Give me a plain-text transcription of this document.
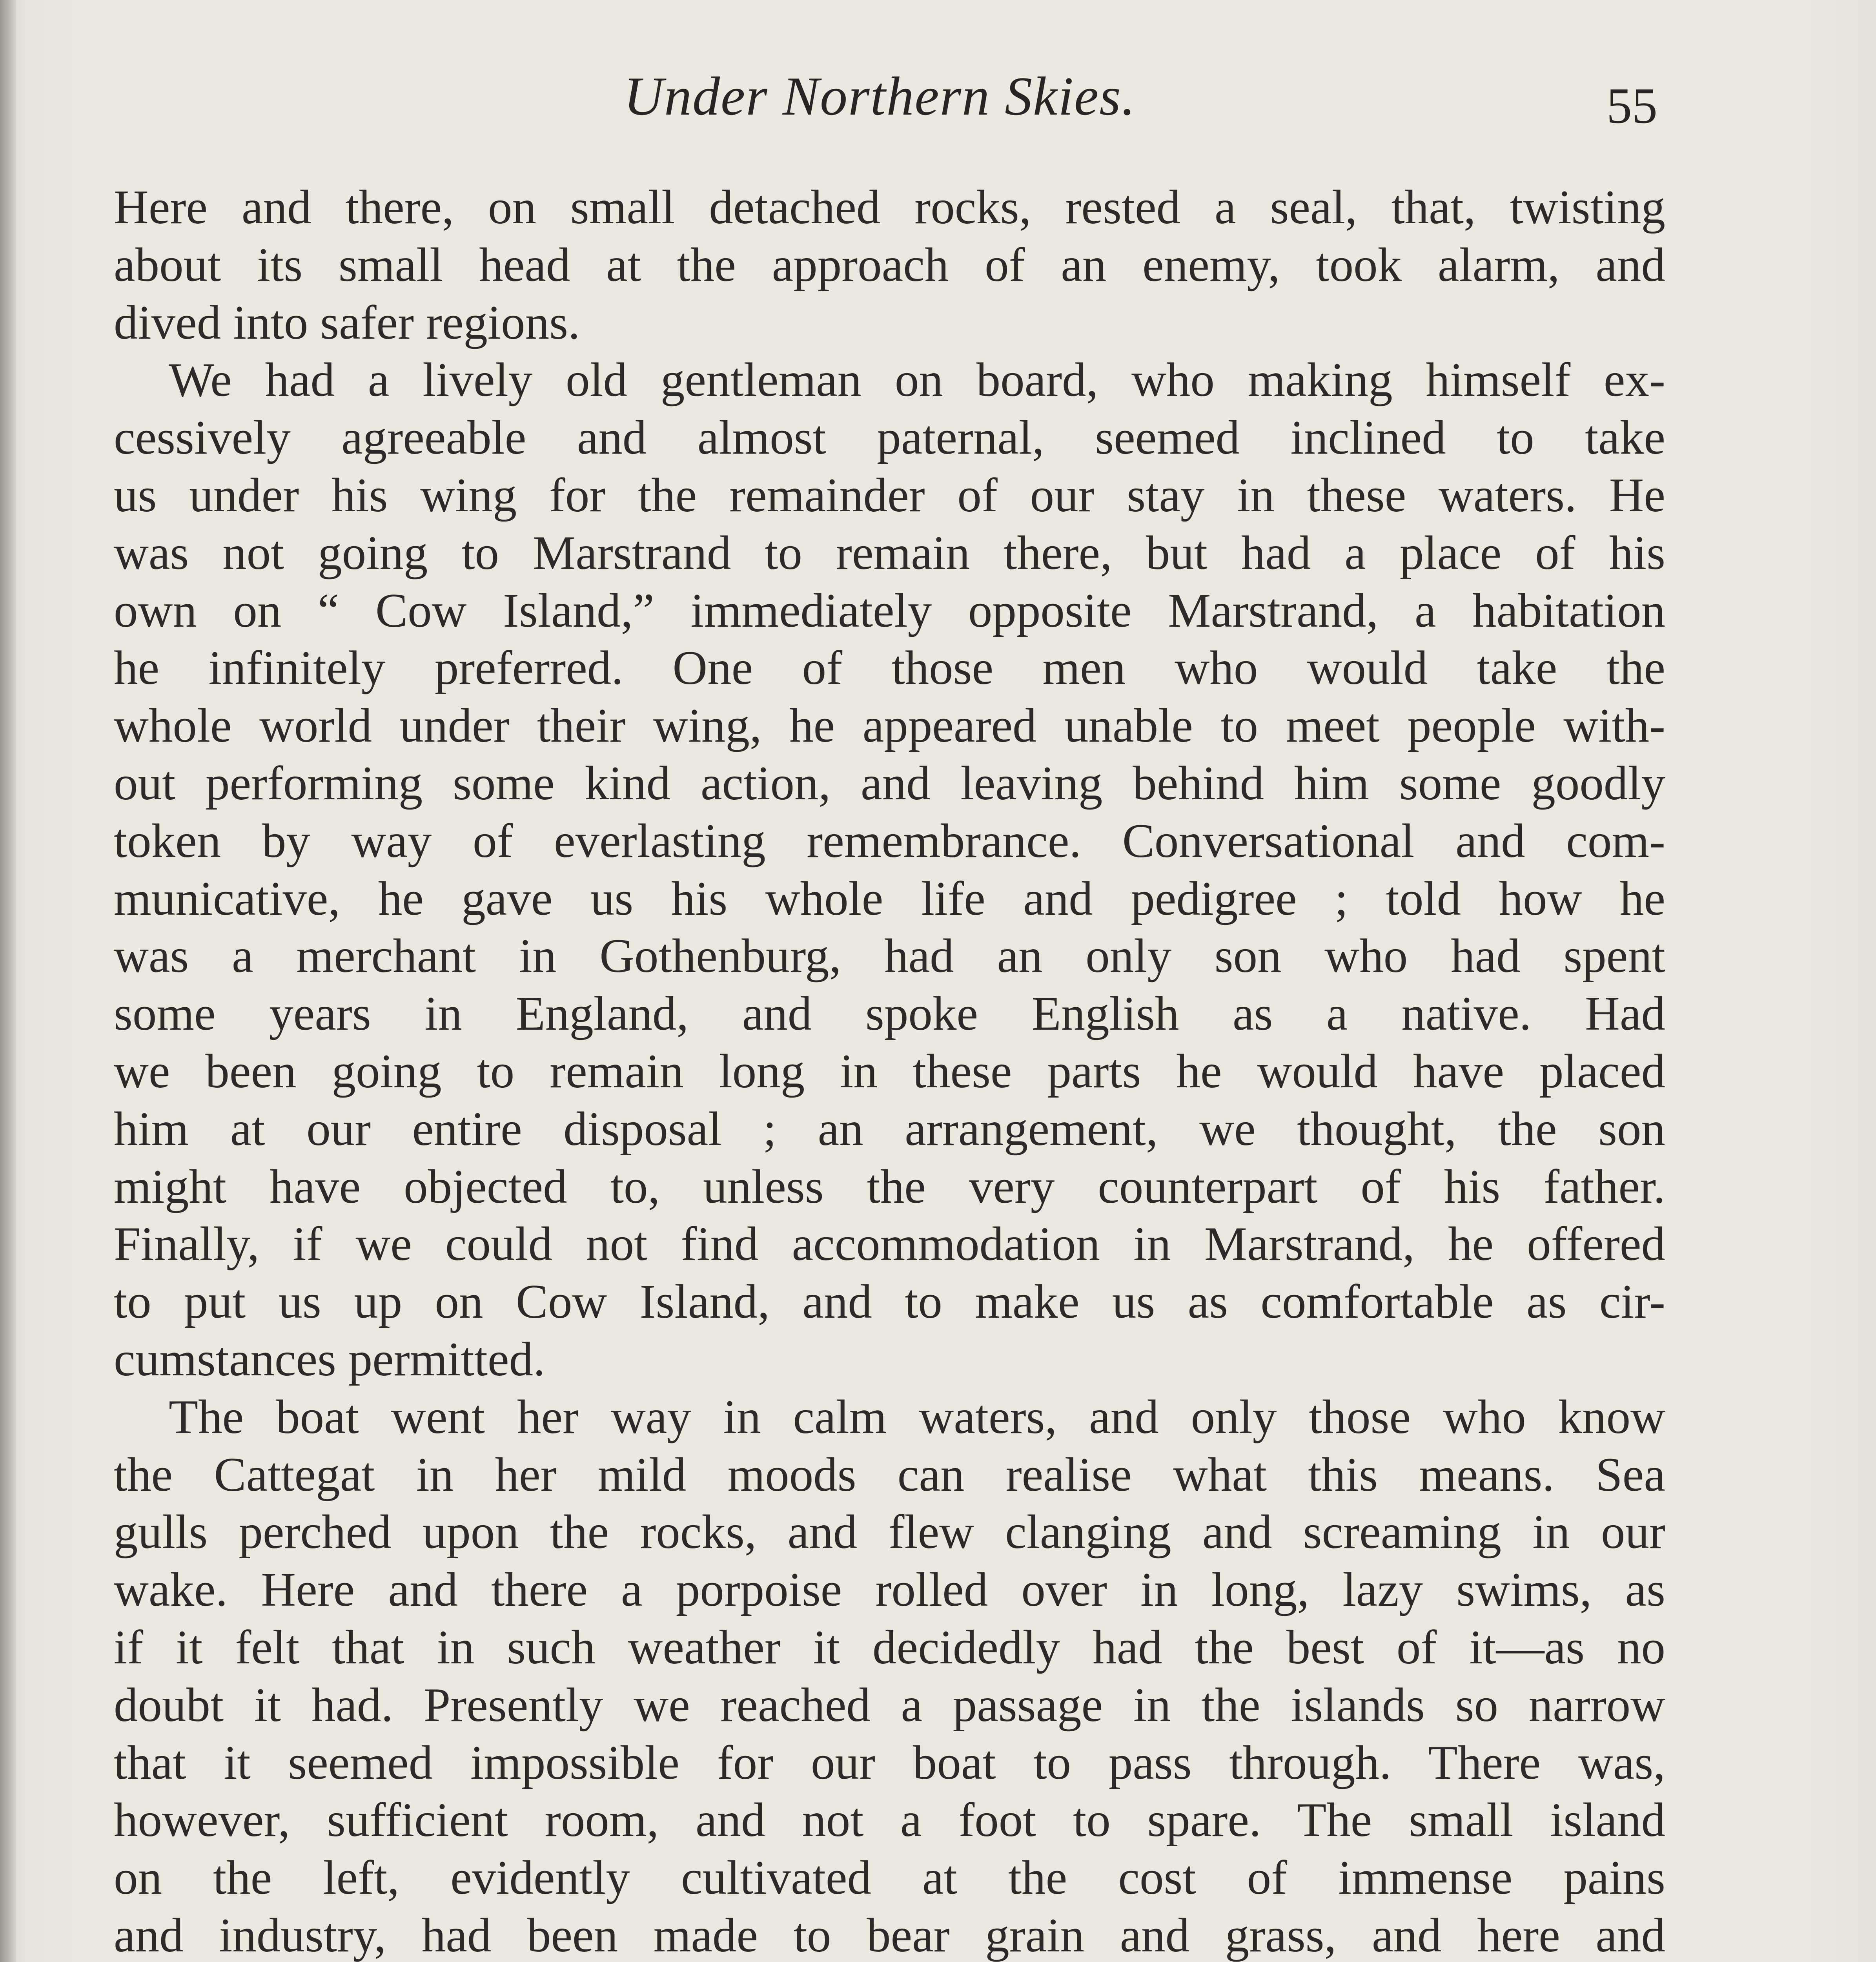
Under Northern Skies.	55
Here and there, on small detached rocks, rested a seal, that, twisting
about its small head at the approach of an enemy, took alarm, and
dived into safer regions.
We had a lively old gentleman on board, who making himself ex-
cessively agreeable and almost paternal, seemed inclined to take
us under his wing for the remainder of our stay in these waters. He
was not going to Marstrand to remain there, but had a place of his
own on “ Cow Island,” immediately opposite Marstrand, a habitation
he infinitely preferred. One of those men who would take the
whole world under their wing, he appeared unable to meet people with-
out performing some kind action, and leaving behind him some goodly
token by way of everlasting remembrance. Conversational and com-
municative, he gave us his whole life and pedigree ; told how he
was a merchant in Gothenburg, had an only son who had spent
some years in England, and spoke English as a native. Had
we been going to remain long in these parts he would have placed
him at our entire disposal ; an arrangement, we thought, the son
might have objected to, unless the very counterpart of his father.
Finally, if we could not find accommodation in Marstrand, he offered
to put us up on Cow Island, and to make us as comfortable as cir-
cumstances permitted.
The boat went her way in calm waters, and only those who know
the Cattegat in her mild moods can realise what this means. Sea
gulls perched upon the rocks, and flew clanging and screaming in our
wake. Here and there a porpoise rolled over in long, lazy swims, as
if it felt that in such weather it decidedly had the best of it—as no
doubt it had. Presently we reached a passage in the islands so narrow
that it seemed impossible for our boat to pass through. There was,
however, sufficient room, and not a foot to spare. The small island
on the left, evidently cultivated at the cost of immense pains
and industry, had been made to bear grain and grass, and here and
